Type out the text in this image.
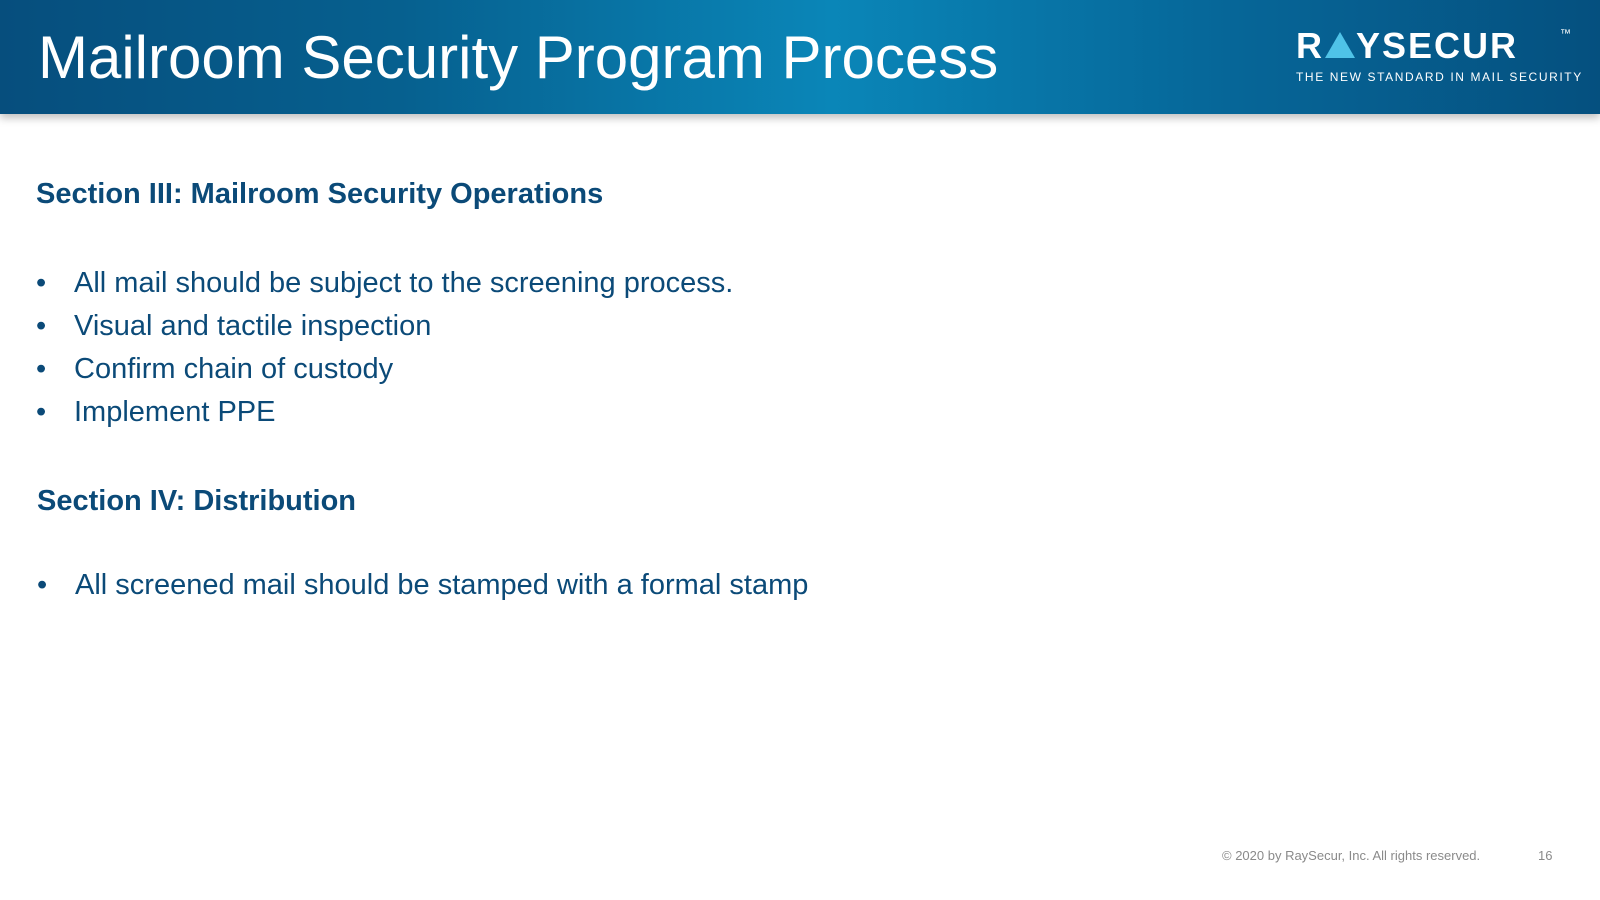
Mailroom Security Program Process	R YSECUR	™
THE NEW STANDARD IN MAIL SECURITY
Section III: Mailroom Security Operations
• All mail should be subject to the screening process.
• Visual and tactile inspection
• Confirm chain of custody
• Implement PPE
Section IV: Distribution
• All screened mail should be stamped with a formal stamp
© 2020 by RaySecur, Inc. All rights reserved.	16
